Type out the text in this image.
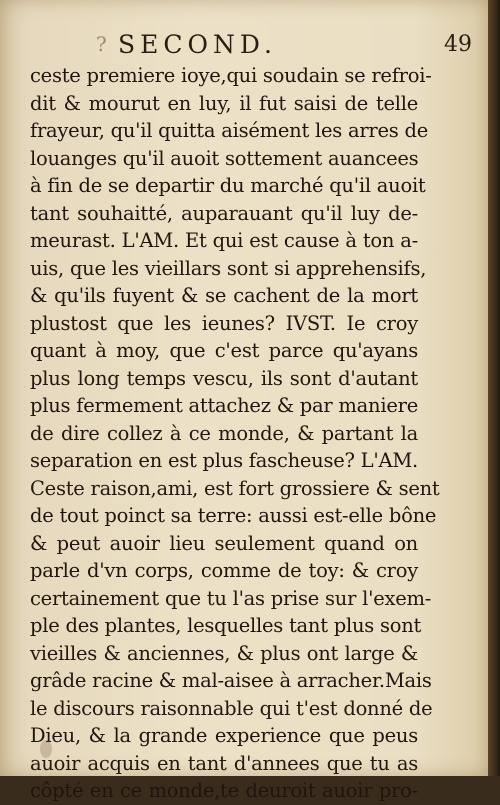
? SECOND.	49
ceste premiere ioye,qui soudain se refroi-
dit & mourut en luy, il fut saisi de telle
frayeur, qu'il quitta aisément les arres de
louanges qu'il auoit sottement auancees
à fin de se departir du marché qu'il auoit
tant souhaitté, auparauant qu'il luy de-
meurast. L'AM. Et qui est cause à ton a-
uis, que les vieillars sont si apprehensifs,
& qu'ils fuyent & se cachent de la mort
plustost que les ieunes? IVST. Ie croy
quant à moy, que c'est parce qu'ayans
plus long temps vescu, ils sont d'autant
plus fermement attachez & par maniere
de dire collez à ce monde, & partant la
separation en est plus fascheuse? L'AM.
Ceste raison,ami, est fort grossiere & sent
de tout poinct sa terre: aussi est-elle bône
& peut auoir lieu seulement quand on
parle d'vn corps, comme de toy: & croy
certainement que tu l'as prise sur l'exem-
ple des plantes, lesquelles tant plus sont
vieilles & anciennes, & plus ont large &
grâde racine & mal-aisee à arracher.Mais
le discours raisonnable qui t'est donné de
Dieu, & la grande experience que peus
auoir acquis en tant d'annees que tu as
côpté en ce monde,te deuroit auoir pro-
